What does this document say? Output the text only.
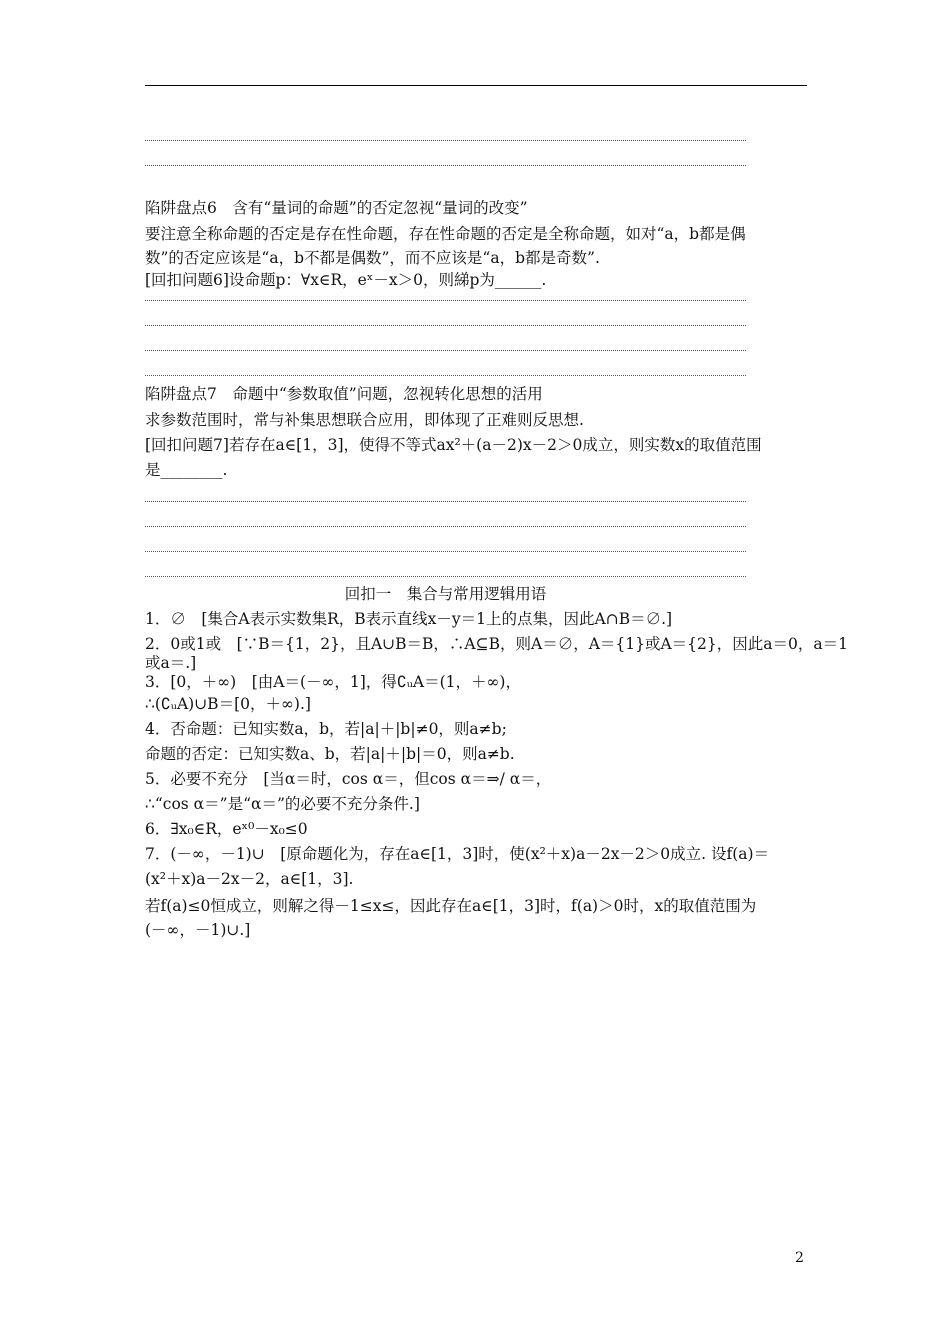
陷阱盘点6　含有“量词的命题”的否定忽视“量词的改变”
要注意全称命题的否定是存在性命题，存在性命题的否定是全称命题，如对“a，b都是偶
数”的否定应该是“a，b不都是偶数”，而不应该是“a，b都是奇数”.
[回扣问题6]设命题p：∀x∈R，eˣ－x＞0，则綈p为______.
陷阱盘点7　命题中“参数取值”问题，忽视转化思想的活用
求参数范围时，常与补集思想联合应用，即体现了正难则反思想.
[回扣问题7]若存在a∈[1，3]，使得不等式ax²＋(a－2)x－2＞0成立，则实数x的取值范围
是________.
回扣一　集合与常用逻辑用语
1．∅　[集合A表示实数集R，B表示直线x－y＝1上的点集，因此A∩B＝∅.]
2．0或1或　[∵B＝{1，2}，且A∪B＝B，∴A⊆B，则A＝∅，A＝{1}或A＝{2}，因此a＝0，a＝1
或a＝.]
3．[0，＋∞)　[由A＝(－∞，1]，得∁ᵤA＝(1，＋∞)，
∴(∁ᵤA)∪B＝[0，＋∞).]
4．否命题：已知实数a，b，若|a|＋|b|≠0，则a≠b;
命题的否定：已知实数a、b，若|a|＋|b|＝0，则a≠b.
5．必要不充分　[当α＝时，cos α＝，但cos α＝⇒/ α＝，
∴“cos α＝”是“α＝”的必要不充分条件.]
6．∃x₀∈R，eˣ⁰－x₀≤0
7．(－∞，－1)∪　[原命题化为，存在a∈[1，3]时，使(x²＋x)a－2x－2＞0成立. 设f(a)＝
(x²＋x)a－2x－2，a∈[1，3].
若f(a)≤0恒成立，则解之得－1≤x≤，因此存在a∈[1，3]时，f(a)＞0时，x的取值范围为
(－∞，－1)∪.]
2
